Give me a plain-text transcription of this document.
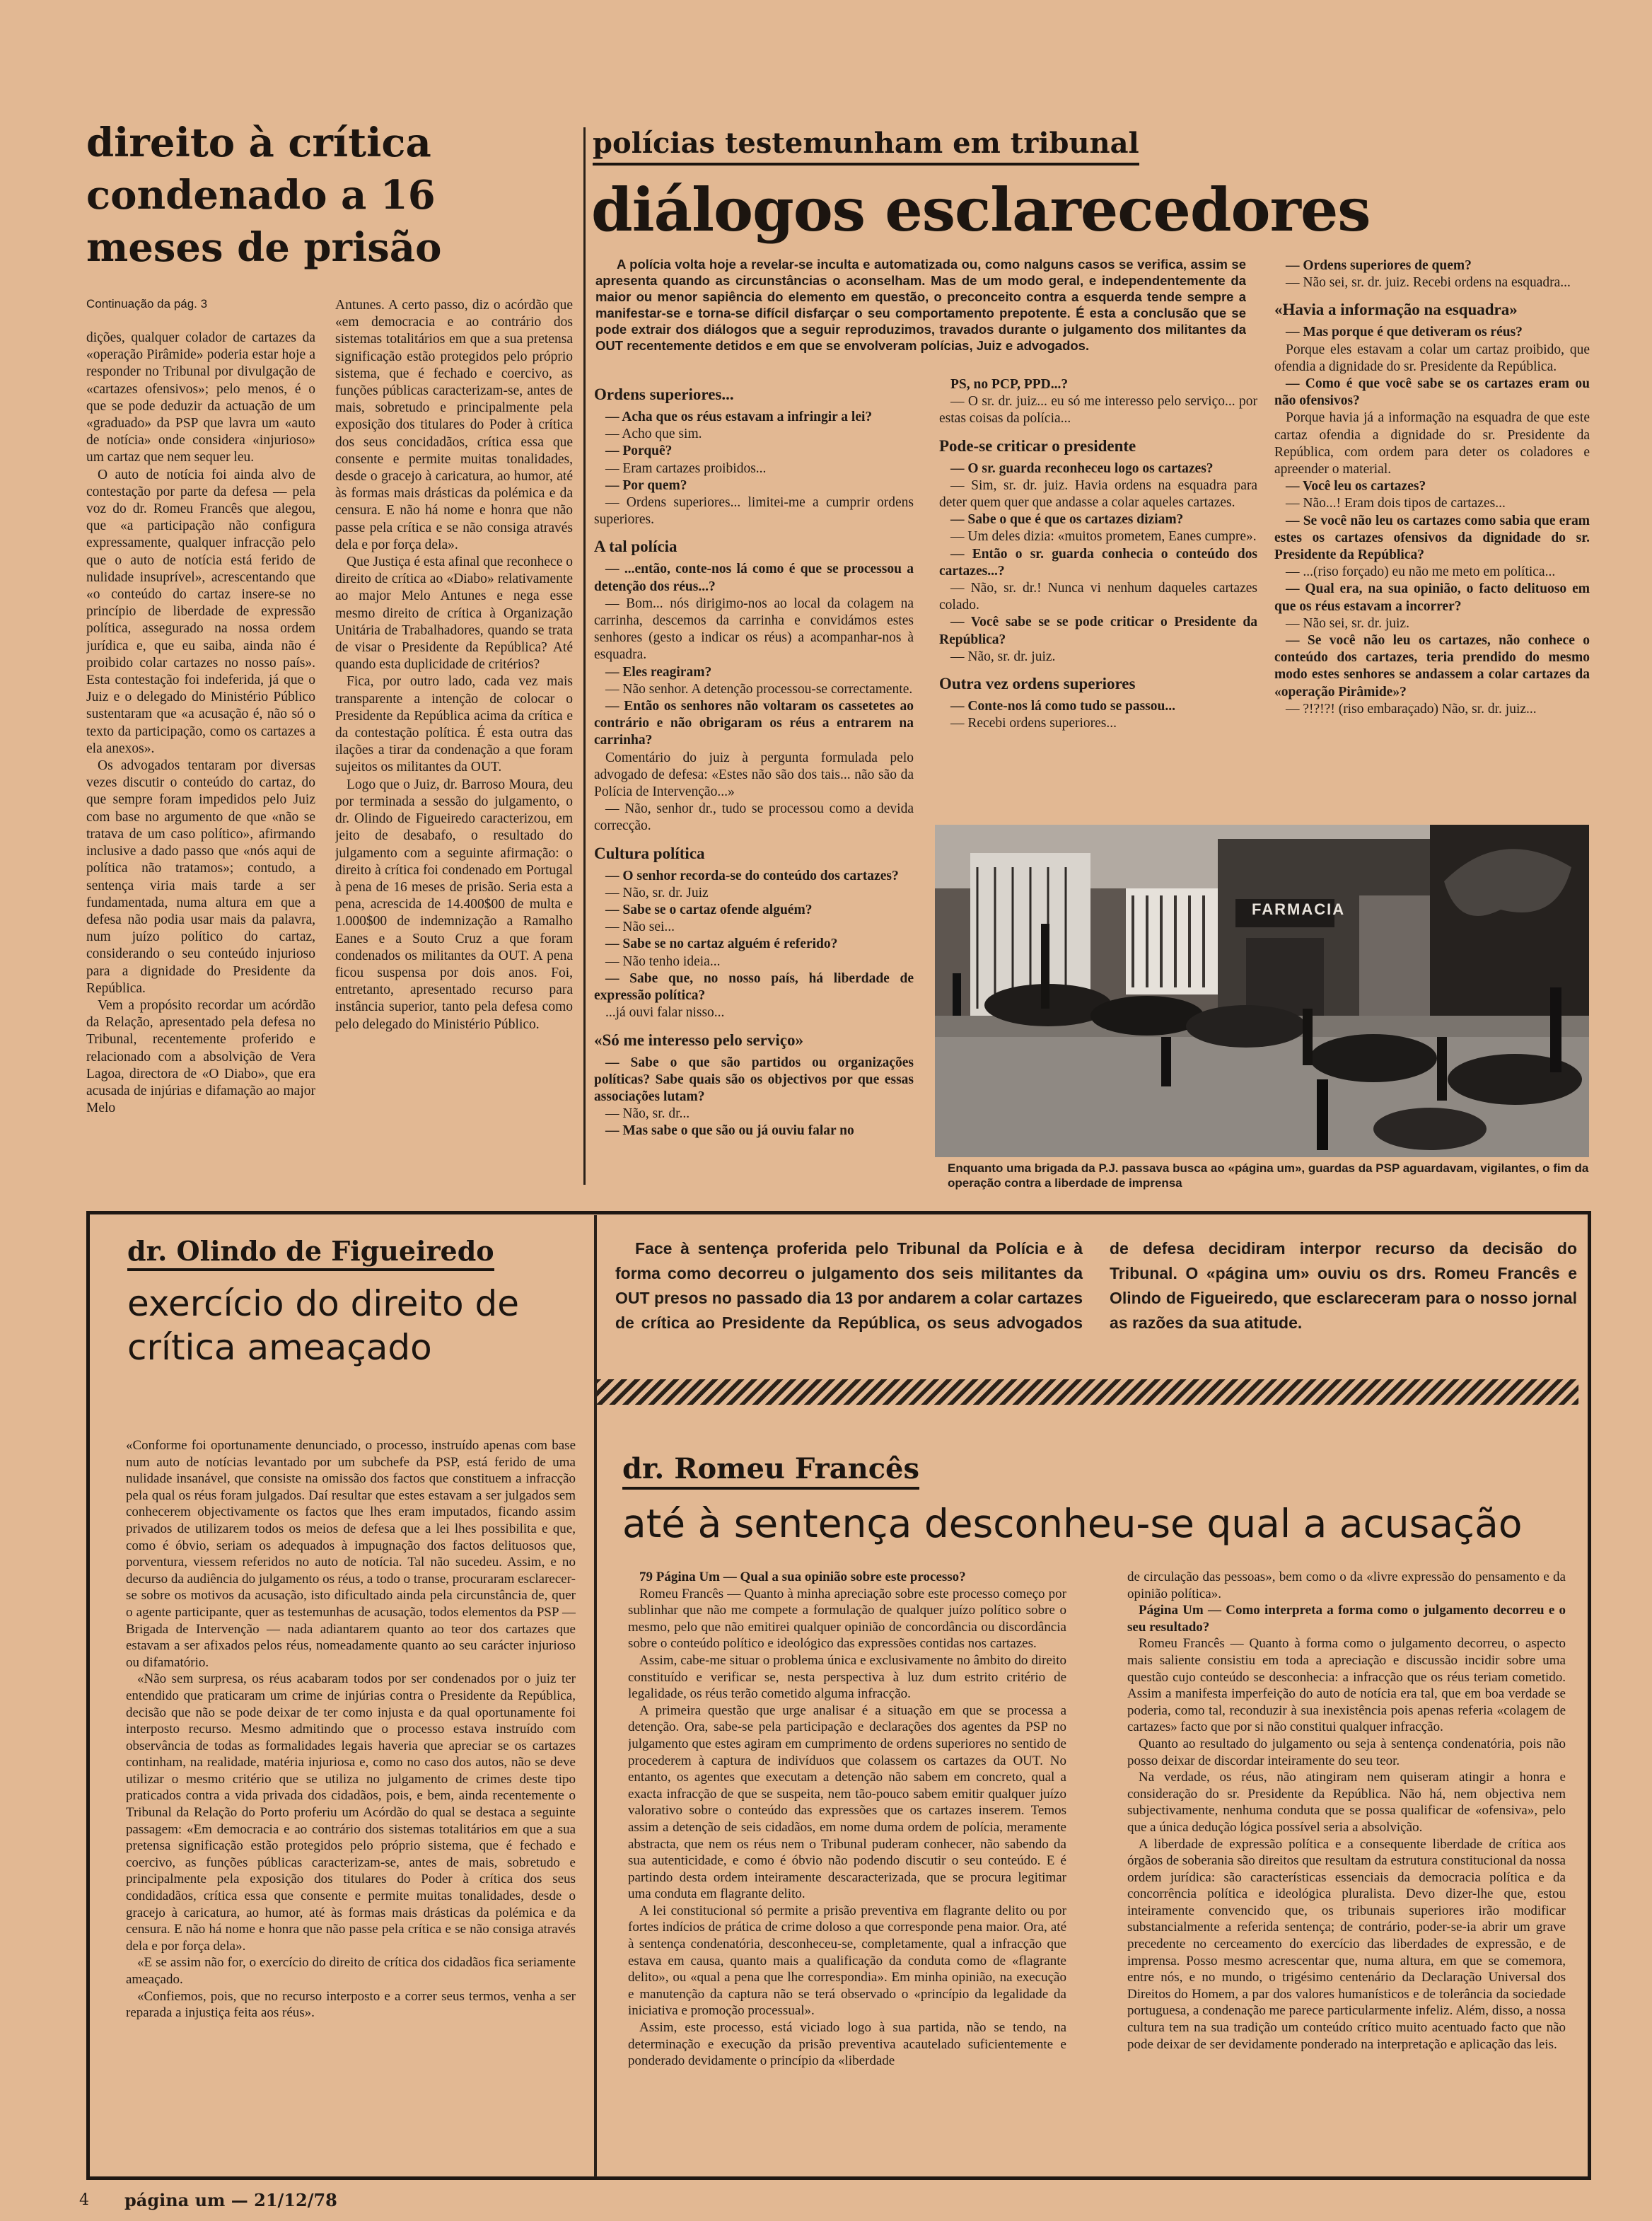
direito à crítica condenado a 16 meses de prisão
Continuação da pág. 3

dições, qualquer colador de cartazes da «operação Pirâmide» poderia estar hoje a responder no Tribunal por divulgação de «cartazes ofensivos»; pelo menos, é o que se pode deduzir da actuação de um «graduado» da PSP que lavra um «auto de notícia» onde considera «injurioso» um cartaz que nem sequer leu.

O auto de notícia foi ainda alvo de contestação por parte da defesa — pela voz do dr. Romeu Francês que alegou, que «a participação não configura expressamente, qualquer infracção pelo que o auto de notícia está ferido de nulidade insuprível», acrescentando que «o conteúdo do cartaz insere-se no princípio de liberdade de expressão política, assegurado na nossa ordem jurídica e, que eu saiba, ainda não é proibido colar cartazes no nosso país». Esta contestação foi indeferida, já que o Juiz e o delegado do Ministério Público sustentaram que «a acusação é, não só o texto da participação, como os cartazes a ela anexos».

Os advogados tentaram por diversas vezes discutir o conteúdo do cartaz, do que sempre foram impedidos pelo Juiz com base no argumento de que «não se tratava de um caso político», afirmando inclusive a dado passo que «nós aqui de política não tratamos»; contudo, a sentença viria mais tarde a ser fundamentada, numa altura em que a defesa não podia usar mais da palavra, num juízo político do cartaz, considerando o seu conteúdo injurioso para a dignidade do Presidente da República.

Vem a propósito recordar um acórdão da Relação, apresentado pela defesa no Tribunal, recentemente proferido e relacionado com a absolvição de Vera Lagoa, directora de «O Diabo», que era acusada de injúrias e difamação ao major Melo

Antunes. A certo passo, diz o acórdão que «em democracia e ao contrário dos sistemas totalitários em que a sua pretensa significação estão protegidos pelo próprio sistema, que é fechado e coercivo, as funções públicas caracterizam-se, antes de mais, sobretudo e principalmente pela exposição dos titulares do Poder à crítica dos seus concidadãos, crítica essa que consente e permite muitas tonalidades, desde o gracejo à caricatura, ao humor, até às formas mais drásticas da polémica e da censura. E não há nome e honra que não passe pela crítica e se não consiga através dela e por força dela».

Que Justiça é esta afinal que reconhece o direito de crítica ao «Diabo» relativamente ao major Melo Antunes e nega esse mesmo direito de crítica à Organização Unitária de Trabalhadores, quando se trata de visar o Presidente da República? Até quando esta duplicidade de critérios?

Fica, por outro lado, cada vez mais transparente a intenção de colocar o Presidente da República acima da crítica e da contestação política. É esta outra das ilações a tirar da condenação a que foram sujeitos os militantes da OUT.

Logo que o Juiz, dr. Barroso Moura, deu por terminada a sessão do julgamento, o dr. Olindo de Figueiredo caracterizou, em jeito de desabafo, o resultado do julgamento com a seguinte afirmação: o direito à crítica foi condenado em Portugal à pena de 16 meses de prisão. Seria esta a pena, acrescida de 14.400$00 de multa e 1.000$00 de indemnização a Ramalho Eanes e a Souto Cruz a que foram condenados os militantes da OUT. A pena ficou suspensa por dois anos. Foi, entretanto, apresentado recurso para instância superior, tanto pela defesa como pelo delegado do Ministério Público.

polícias testemunham em tribunal
diálogos esclarecedores
A polícia volta hoje a revelar-se inculta e automatizada ou, como nalguns casos se verifica, assim se apresenta quando as circunstâncias o aconselham. Mas de um modo geral, e independentemente da maior ou menor sapiência do elemento em questão, o preconceito contra a esquerda tende sempre a manifestar-se e torna-se difícil disfarçar o seu comportamento prepotente. É esta a conclusão que se pode extrair dos diálogos que a seguir reproduzimos, travados durante o julgamento dos militantes da OUT recentemente detidos e em que se envolveram polícias, Juiz e advogados.

Ordens superiores...

— Acha que os réus estavam a infringir a lei?

— Acho que sim.

— Porquê?

— Eram cartazes proibidos...

— Por quem?

— Ordens superiores... limitei-me a cumprir ordens superiores.

A tal polícia

— ...então, conte-nos lá como é que se processou a detenção dos réus...?

— Bom... nós dirigimo-nos ao local da colagem na carrinha, descemos da carrinha e convidámos estes senhores (gesto a indicar os réus) a acompanhar-nos à esquadra.

— Eles reagiram?

— Não senhor. A detenção processou-se correctamente.

— Então os senhores não voltaram os cassetetes ao contrário e não obrigaram os réus a entrarem na carrinha?

Comentário do juiz à pergunta formulada pelo advogado de defesa: «Estes não são dos tais... não são da Polícia de Intervenção...»

— Não, senhor dr., tudo se processou como a devida correcção.

Cultura política

— O senhor recorda-se do conteúdo dos cartazes?

— Não, sr. dr. Juiz

— Sabe se o cartaz ofende alguém?

— Não sei...

— Sabe se no cartaz alguém é referido?

— Não tenho ideia...

— Sabe que, no nosso país, há liberdade de expressão política?

...já ouvi falar nisso...

«Só me interesso pelo serviço»

— Sabe o que são partidos ou organizações políticas? Sabe quais são os objectivos por que essas associações lutam?

— Não, sr. dr...

— Mas sabe o que são ou já ouviu falar no

PS, no PCP, PPD...?

— O sr. dr. juiz... eu só me interesso pelo serviço... por estas coisas da polícia...

Pode-se criticar o presidente

— O sr. guarda reconheceu logo os cartazes?

— Sim, sr. dr. juiz. Havia ordens na esquadra para deter quem quer que andasse a colar aqueles cartazes.

— Sabe o que é que os cartazes diziam?

— Um deles dizia: «muitos prometem, Eanes cumpre».

— Então o sr. guarda conhecia o conteúdo dos cartazes...?

— Não, sr. dr.! Nunca vi nenhum daqueles cartazes colado.

— Você sabe se se pode criticar o Presidente da República?

— Não, sr. dr. juiz.

Outra vez ordens superiores

— Conte-nos lá como tudo se passou...

— Recebi ordens superiores...

— Ordens superiores de quem?

— Não sei, sr. dr. juiz. Recebi ordens na esquadra...

«Havia a informação na esquadra»

— Mas porque é que detiveram os réus?

Porque eles estavam a colar um cartaz proibido, que ofendia a dignidade do sr. Presidente da República.

— Como é que você sabe se os cartazes eram ou não ofensivos?

Porque havia já a informação na esquadra de que este cartaz ofendia a dignidade do sr. Presidente da República, com ordem para deter os coladores e apreender o material.

— Você leu os cartazes?

— Não...! Eram dois tipos de cartazes...

— Se você não leu os cartazes como sabia que eram estes os cartazes ofensivos da dignidade do sr. Presidente da República?

— ...(riso forçado) eu não me meto em política...

— Qual era, na sua opinião, o facto delituoso em que os réus estavam a incorrer?

— Não sei, sr. dr. juiz.

— Se você não leu os cartazes, não conhece o conteúdo dos cartazes, teria prendido do mesmo modo estes senhores se andassem a colar cartazes da «operação Pirâmide»?

— ?!?!?! (riso embaraçado) Não, sr. dr. juiz...

FARMACIA
Enquanto uma brigada da P.J. passava busca ao «página um», guardas da PSP aguardavam, vigilantes, o fim da operação contra a liberdade de imprensa
dr. Olindo de Figueiredo
exercício do direito de crítica ameaçado

«Conforme foi oportunamente denunciado, o processo, instruído apenas com base num auto de notícias levantado por um subchefe da PSP, está ferido de uma nulidade insanável, que consiste na omissão dos factos que constituem a infracção pela qual os réus foram julgados. Daí resultar que estes estavam a ser julgados sem conhecerem objectivamente os factos que lhes eram imputados, ficando assim privados de utilizarem todos os meios de defesa que a lei lhes possibilita e que, como é óbvio, seriam os adequados à impugnação dos factos delituosos que, porventura, viessem referidos no auto de notícia. Tal não sucedeu. Assim, e no decurso da audiência do julgamento os réus, a todo o transe, procuraram esclarecer-se sobre os motivos da acusação, isto dificultado ainda pela circunstância de, quer o agente participante, quer as testemunhas de acusação, todos elementos da PSP — Brigada de Intervenção — nada adiantarem quanto ao teor dos cartazes que estavam a ser afixados pelos réus, nomeadamente quanto ao seu carácter injurioso ou difamatório.

«Não sem surpresa, os réus acabaram todos por ser condenados por o juiz ter entendido que praticaram um crime de injúrias contra o Presidente da República, decisão que não se pode deixar de ter como injusta e da qual oportunamente foi interposto recurso. Mesmo admitindo que o processo estava instruído com observância de todas as formalidades legais haveria que apreciar se os cartazes continham, na realidade, matéria injuriosa e, como no caso dos autos, não se deve utilizar o mesmo critério que se utiliza no julgamento de crimes deste tipo praticados contra a vida privada dos cidadãos, pois, e bem, ainda recentemente o Tribunal da Relação do Porto proferiu um Acórdão do qual se destaca a seguinte passagem: «Em democracia e ao contrário dos sistemas totalitários em que a sua pretensa significação estão protegidos pelo próprio sistema, que é fechado e coercivo, as funções públicas caracterizam-se, antes de mais, sobretudo e principalmente pela exposição dos titulares do Poder à crítica dos seus condidadãos, crítica essa que consente e permite muitas tonalidades, desde o gracejo à caricatura, ao humor, até às formas mais drásticas da polémica e da censura. E não há nome e honra que não passe pela crítica e se não consiga através dela e por força dela».

«E se assim não for, o exercício do direito de crítica dos cidadãos fica seriamente ameaçado.

«Confiemos, pois, que no recurso interposto e a correr seus termos, venha a ser reparada a injustiça feita aos réus».

Face à sentença proferida pelo Tribunal da Polícia e à forma como decorreu o julgamento dos seis militantes da OUT presos no passado dia 13 por andarem a colar cartazes de crítica ao Presidente da República, os seus advogados de defesa decidiram interpor recurso da decisão do Tribunal. O «página um» ouviu os drs. Romeu Francês e Olindo de Figueiredo, que esclareceram para o nosso jornal as razões da sua atitude.

dr. Romeu Francês
até à sentença desconheu-se qual a acusação

79 Página Um — Qual a sua opinião sobre este processo?

Romeu Francês — Quanto à minha apreciação sobre este processo começo por sublinhar que não me compete a formulação de qualquer juízo político sobre o mesmo, pelo que não emitirei qualquer opinião de concordância ou discordância sobre o conteúdo político e ideológico das expressões contidas nos cartazes.

Assim, cabe-me situar o problema única e exclusivamente no âmbito do direito constituído e verificar se, nesta perspectiva à luz dum estrito critério de legalidade, os réus terão cometido alguma infracção.

A primeira questão que urge analisar é a situação em que se processa a detenção. Ora, sabe-se pela participação e declarações dos agentes da PSP no julgamento que estes agiram em cumprimento de ordens superiores no sentido de procederem à captura de indivíduos que colassem os cartazes da OUT. No entanto, os agentes que executam a detenção não sabem em concreto, qual a exacta infracção de que se suspeita, nem tão-pouco sabem emitir qualquer juízo valorativo sobre o conteúdo das expressões que os cartazes inserem. Temos assim a detenção de seis cidadãos, em nome duma ordem de polícia, meramente abstracta, que nem os réus nem o Tribunal puderam conhecer, não sabendo da sua autenticidade, e como é óbvio não podendo discutir o seu conteúdo. E é partindo desta ordem inteiramente descaracterizada, que se procura legitimar uma conduta em flagrante delito.

A lei constitucional só permite a prisão preventiva em flagrante delito ou por fortes indícios de prática de crime doloso a que corresponde pena maior. Ora, até à sentença condenatória, desconheceu-se, completamente, qual a infracção que estava em causa, quanto mais a qualificação da conduta como de «flagrante delito», ou «qual a pena que lhe correspondia». Em minha opinião, na execução e manutenção da captura não se terá observado o «princípio da legalidade da iniciativa e promoção processual».

Assim, este processo, está viciado logo à sua partida, não se tendo, na determinação e execução da prisão preventiva acautelado suficientemente e ponderado devidamente o princípio da «liberdade

de circulação das pessoas», bem como o da «livre expressão do pensamento e da opinião política».

Página Um — Como interpreta a forma como o julgamento decorreu e o seu resultado?

Romeu Francês — Quanto à forma como o julgamento decorreu, o aspecto mais saliente consistiu em toda a apreciação e discussão incidir sobre uma questão cujo conteúdo se desconhecia: a infracção que os réus teriam cometido. Assim a manifesta imperfeição do auto de notícia era tal, que em boa verdade se poderia, como tal, reconduzir à sua inexistência pois apenas referia «colagem de cartazes» facto que por si não constitui qualquer infracção.

Quanto ao resultado do julgamento ou seja à sentença condenatória, pois não posso deixar de discordar inteiramente do seu teor.

Na verdade, os réus, não atingiram nem quiseram atingir a honra e consideração do sr. Presidente da República. Não há, nem objectiva nem subjectivamente, nenhuma conduta que se possa qualificar de «ofensiva», pelo que a única dedução lógica possível seria a absolvição.

A liberdade de expressão política e a consequente liberdade de crítica aos órgãos de soberania são direitos que resultam da estrutura constitucional da nossa ordem jurídica: são características essenciais da democracia política e da concorrência política e ideológica pluralista. Devo dizer-lhe que, estou inteiramente convencido que, os tribunais superiores irão modificar substancialmente a referida sentença; de contrário, poder-se-ia abrir um grave precedente no cerceamento do exercício das liberdades de expressão, e de imprensa. Posso mesmo acrescentar que, numa altura, em que se comemora, entre nós, e no mundo, o trigésimo centenário da Declaração Universal dos Direitos do Homem, a par dos valores humanísticos e de tolerância da sociedade portuguesa, a condenação me parece particularmente infeliz. Além, disso, a nossa cultura tem na sua tradição um conteúdo crítico muito acentuado facto que não pode deixar de ser devidamente ponderado na interpretação e aplicação das leis.

4 página um — 21/12/78
